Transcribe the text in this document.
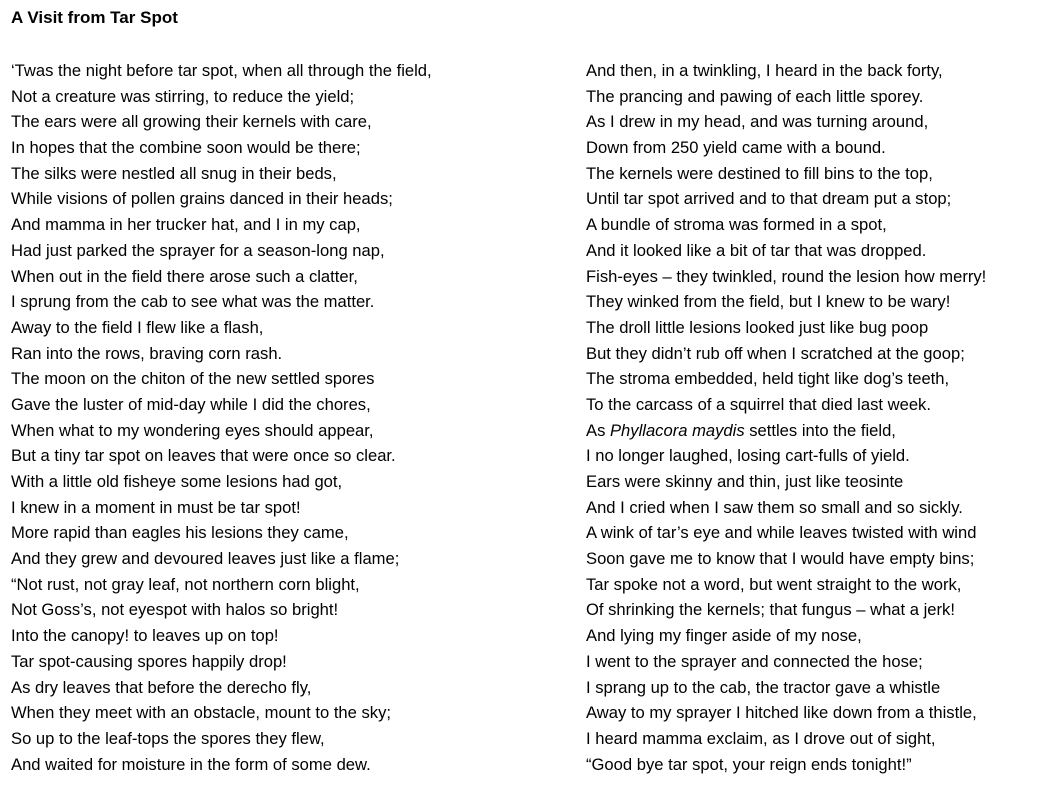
A Visit from Tar Spot
‘Twas the night before tar spot, when all through the field,
Not a creature was stirring, to reduce the yield;
The ears were all growing their kernels with care,
In hopes that the combine soon would be there;
The silks were nestled all snug in their beds,
While visions of pollen grains danced in their heads;
And mamma in her trucker hat, and I in my cap,
Had just parked the sprayer for a season-long nap,
When out in the field there arose such a clatter,
I sprung from the cab to see what was the matter.
Away to the field I flew like a flash,
Ran into the rows, braving corn rash.
The moon on the chiton of the new settled spores
Gave the luster of mid-day while I did the chores,
When what to my wondering eyes should appear,
But a tiny tar spot on leaves that were once so clear.
With a little old fisheye some lesions had got,
I knew in a moment in must be tar spot!
More rapid than eagles his lesions they came,
And they grew and devoured leaves just like a flame;
“Not rust, not gray leaf, not northern corn blight,
Not Goss’s, not eyespot with halos so bright!
Into the canopy! to leaves up on top!
Tar spot-causing spores happily drop!
As dry leaves that before the derecho fly,
When they meet with an obstacle, mount to the sky;
So up to the leaf-tops the spores they flew,
And waited for moisture in the form of some dew.
And then, in a twinkling, I heard in the back forty,
The prancing and pawing of each little sporey.
As I drew in my head, and was turning around,
Down from 250 yield came with a bound.
The kernels were destined to fill bins to the top,
Until tar spot arrived and to that dream put a stop;
A bundle of stroma was formed in a spot,
And it looked like a bit of tar that was dropped.
Fish-eyes – they twinkled, round the lesion how merry!
They winked from the field, but I knew to be wary!
The droll little lesions looked just like bug poop
But they didn’t rub off when I scratched at the goop;
The stroma embedded, held tight like dog’s teeth,
To the carcass of a squirrel that died last week.
As Phyllacora maydis settles into the field,
I no longer laughed, losing cart-fulls of yield.
Ears were skinny and thin, just like teosinte
And I cried when I saw them so small and so sickly.
A wink of tar’s eye and while leaves twisted with wind
Soon gave me to know that I would have empty bins;
Tar spoke not a word, but went straight to the work,
Of shrinking the kernels; that fungus – what a jerk!
And lying my finger aside of my nose,
I went to the sprayer and connected the hose;
I sprang up to the cab, the tractor gave a whistle
Away to my sprayer I hitched like down from a thistle,
I heard mamma exclaim, as I drove out of sight,
“Good bye tar spot, your reign ends tonight!”
